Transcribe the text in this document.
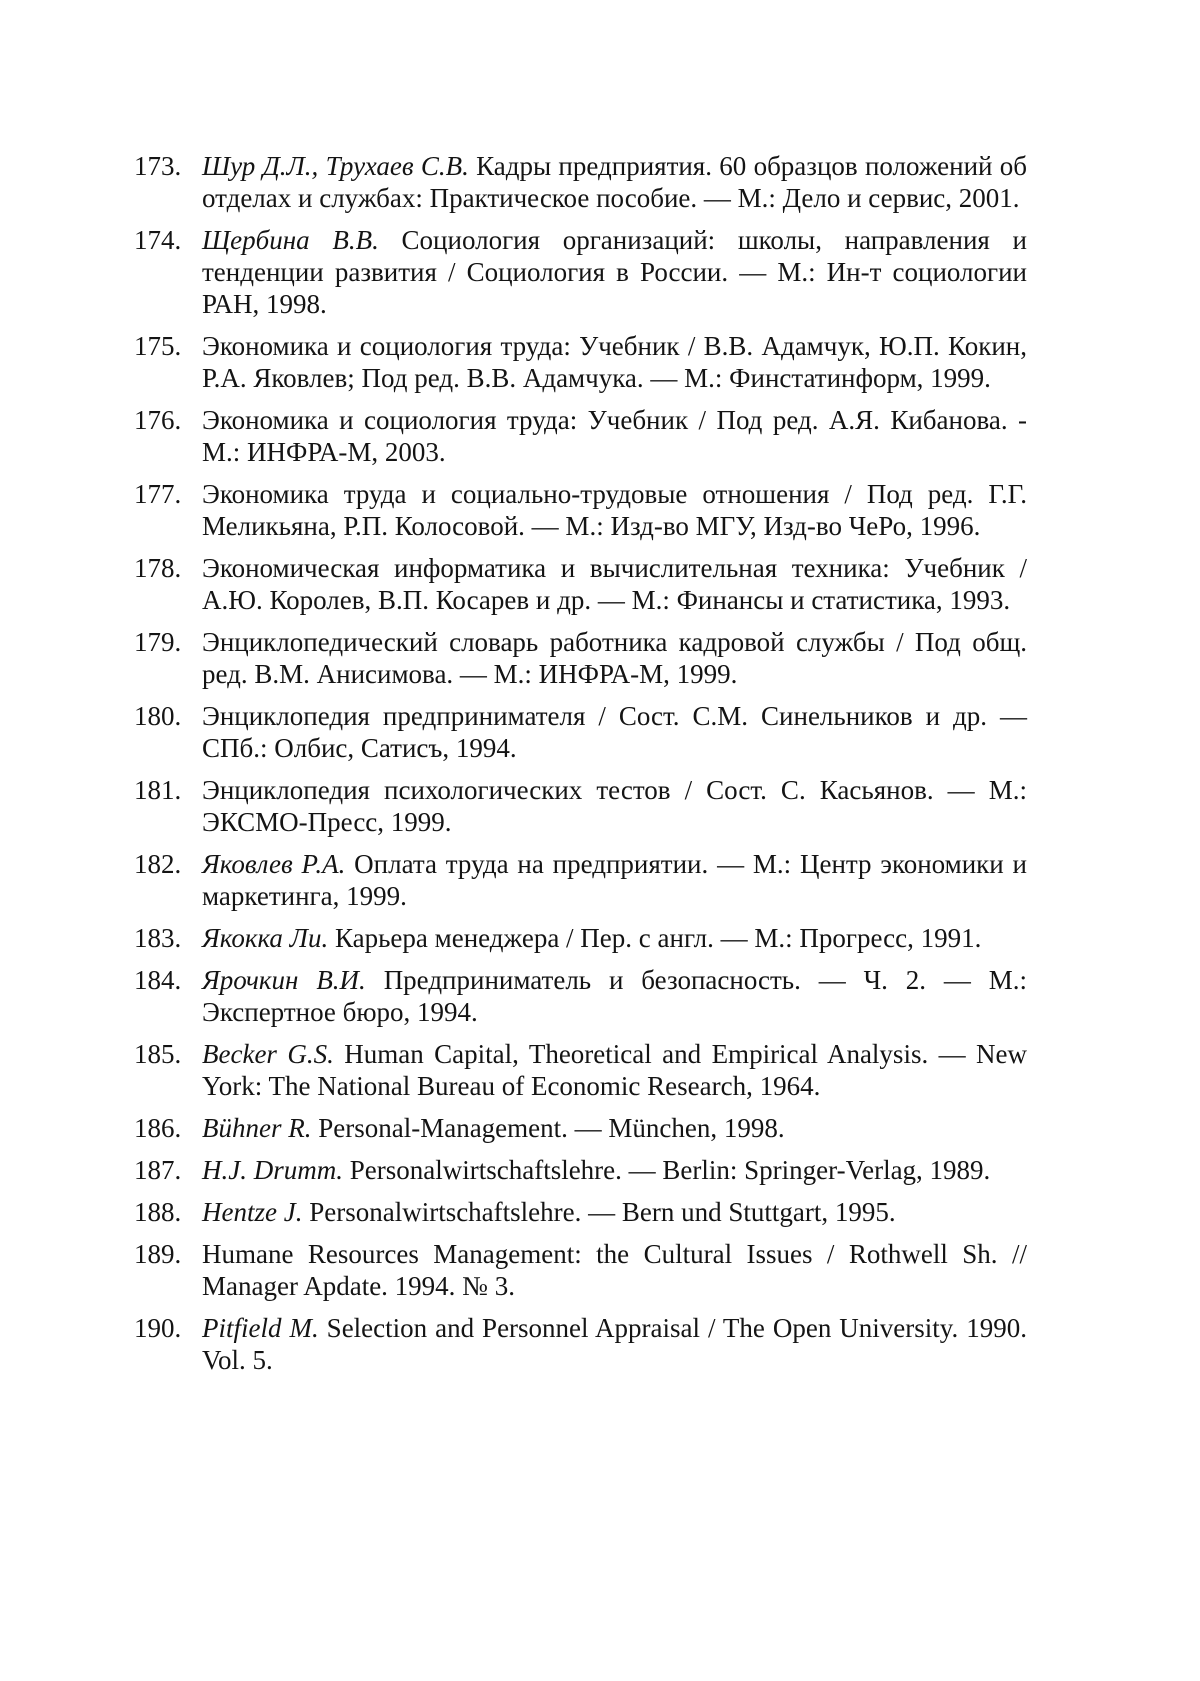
173. Шур Д.Л., Трухаев С.В. Кадры предприятия. 60 образцов положений об отделах и службах: Практическое пособие. — М.: Дело и сервис, 2001.
174. Щербина В.В. Социология организаций: школы, направления и тенденции развития / Социология в России. — М.: Ин-т социологии РАН, 1998.
175. Экономика и социология труда: Учебник / В.В. Адамчук, Ю.П. Кокин, Р.А. Яковлев; Под ред. В.В. Адамчука. — М.: Финстатинформ, 1999.
176. Экономика и социология труда: Учебник / Под ред. А.Я. Кибанова. - М.: ИНФРА-М, 2003.
177. Экономика труда и социально-трудовые отношения / Под ред. Г.Г. Меликьяна, Р.П. Колосовой. — М.: Изд-во МГУ, Изд-во ЧеРо, 1996.
178. Экономическая информатика и вычислительная техника: Учебник / А.Ю. Королев, В.П. Косарев и др. — М.: Финансы и статистика, 1993.
179. Энциклопедический словарь работника кадровой службы / Под общ. ред. В.М. Анисимова. — М.: ИНФРА-М, 1999.
180. Энциклопедия предпринимателя / Сост. С.М. Синельников и др. — СПб.: Олбис, Сатисъ, 1994.
181. Энциклопедия психологических тестов / Сост. С. Касьянов. — М.: ЭКСМО-Пресс, 1999.
182. Яковлев Р.А. Оплата труда на предприятии. — М.: Центр экономики и маркетинга, 1999.
183. Якокка Ли. Карьера менеджера / Пер. с англ. — М.: Прогресс, 1991.
184. Ярочкин В.И. Предприниматель и безопасность. — Ч. 2. — М.: Экспертное бюро, 1994.
185. Becker G.S. Human Capital, Theoretical and Empirical Analysis. — New York: The National Bureau of Economic Research, 1964.
186. Bühner R. Personal-Management. — München, 1998.
187. H.J. Drumm. Personalwirtschaftslehre. — Berlin: Springer-Verlag, 1989.
188. Hentze J. Personalwirtschaftslehre. — Bern und Stuttgart, 1995.
189. Humane Resources Management: the Cultural Issues / Rothwell Sh. // Manager Apdate. 1994. № 3.
190. Pitfield M. Selection and Personnel Appraisal / The Open University. 1990. Vol. 5.
